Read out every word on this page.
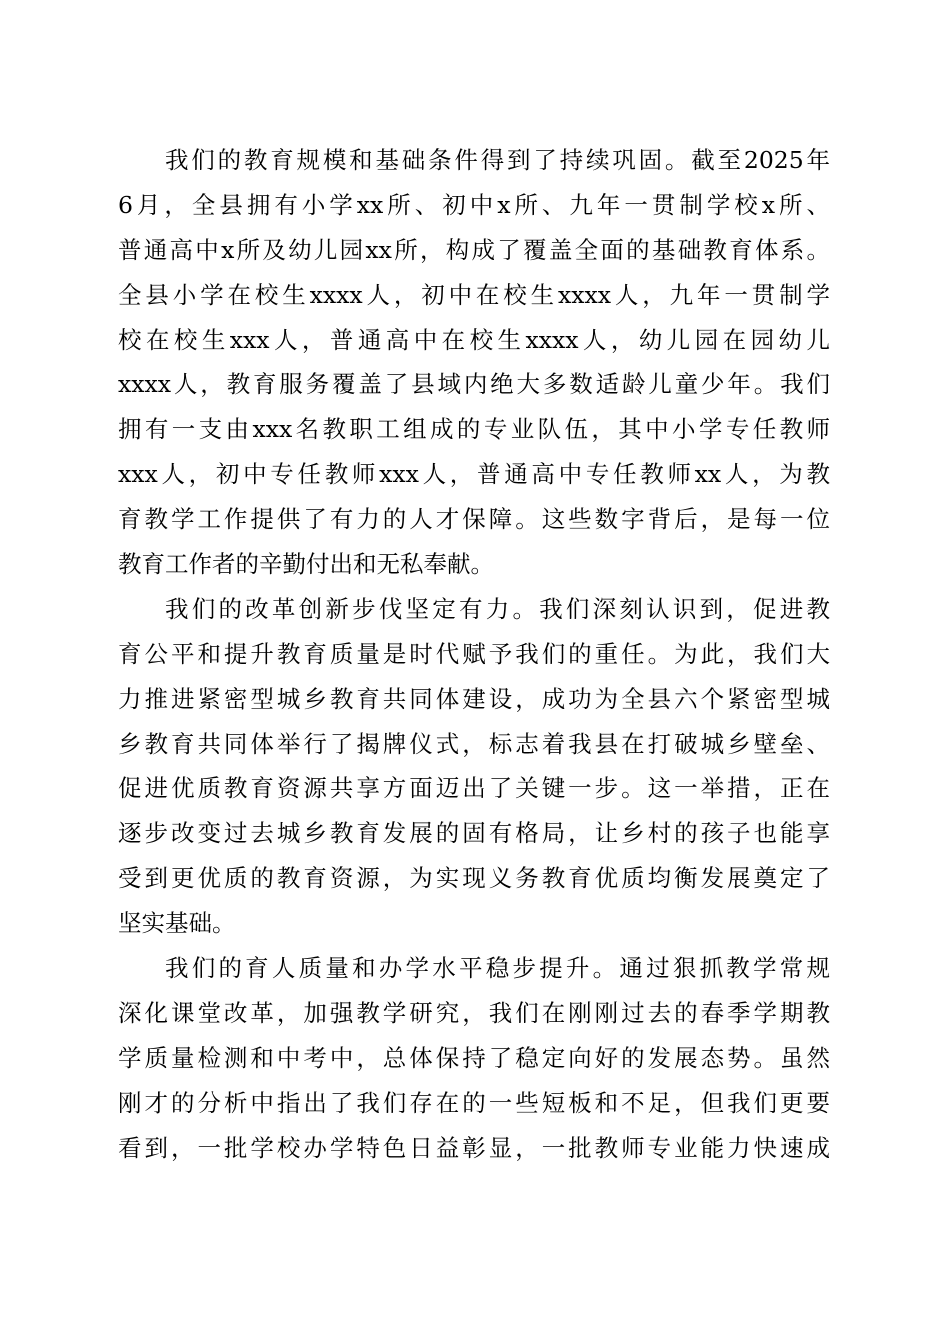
我们的教育规模和基础条件得到了持续巩固。截至2025年
6月，全县拥有小学xx所、初中x所、九年一贯制学校x所、
普通高中x所及幼儿园xx所，构成了覆盖全面的基础教育体系。
全县小学在校生xxxx人，初中在校生xxxx人，九年一贯制学
校在校生xxx人，普通高中在校生xxxx人，幼儿园在园幼儿
xxxx人，教育服务覆盖了县域内绝大多数适龄儿童少年。我们
拥有一支由xxx名教职工组成的专业队伍，其中小学专任教师
xxx人，初中专任教师xxx人，普通高中专任教师xx人，为教
育教学工作提供了有力的人才保障。这些数字背后，是每一位
教育工作者的辛勤付出和无私奉献。
我们的改革创新步伐坚定有力。我们深刻认识到，促进教
育公平和提升教育质量是时代赋予我们的重任。为此，我们大
力推进紧密型城乡教育共同体建设，成功为全县六个紧密型城
乡教育共同体举行了揭牌仪式，标志着我县在打破城乡壁垒、
促进优质教育资源共享方面迈出了关键一步。这一举措，正在
逐步改变过去城乡教育发展的固有格局，让乡村的孩子也能享
受到更优质的教育资源，为实现义务教育优质均衡发展奠定了
坚实基础。
我们的育人质量和办学水平稳步提升。通过狠抓教学常规
深化课堂改革，加强教学研究，我们在刚刚过去的春季学期教
学质量检测和中考中，总体保持了稳定向好的发展态势。虽然
刚才的分析中指出了我们存在的一些短板和不足，但我们更要
看到，一批学校办学特色日益彰显，一批教师专业能力快速成
